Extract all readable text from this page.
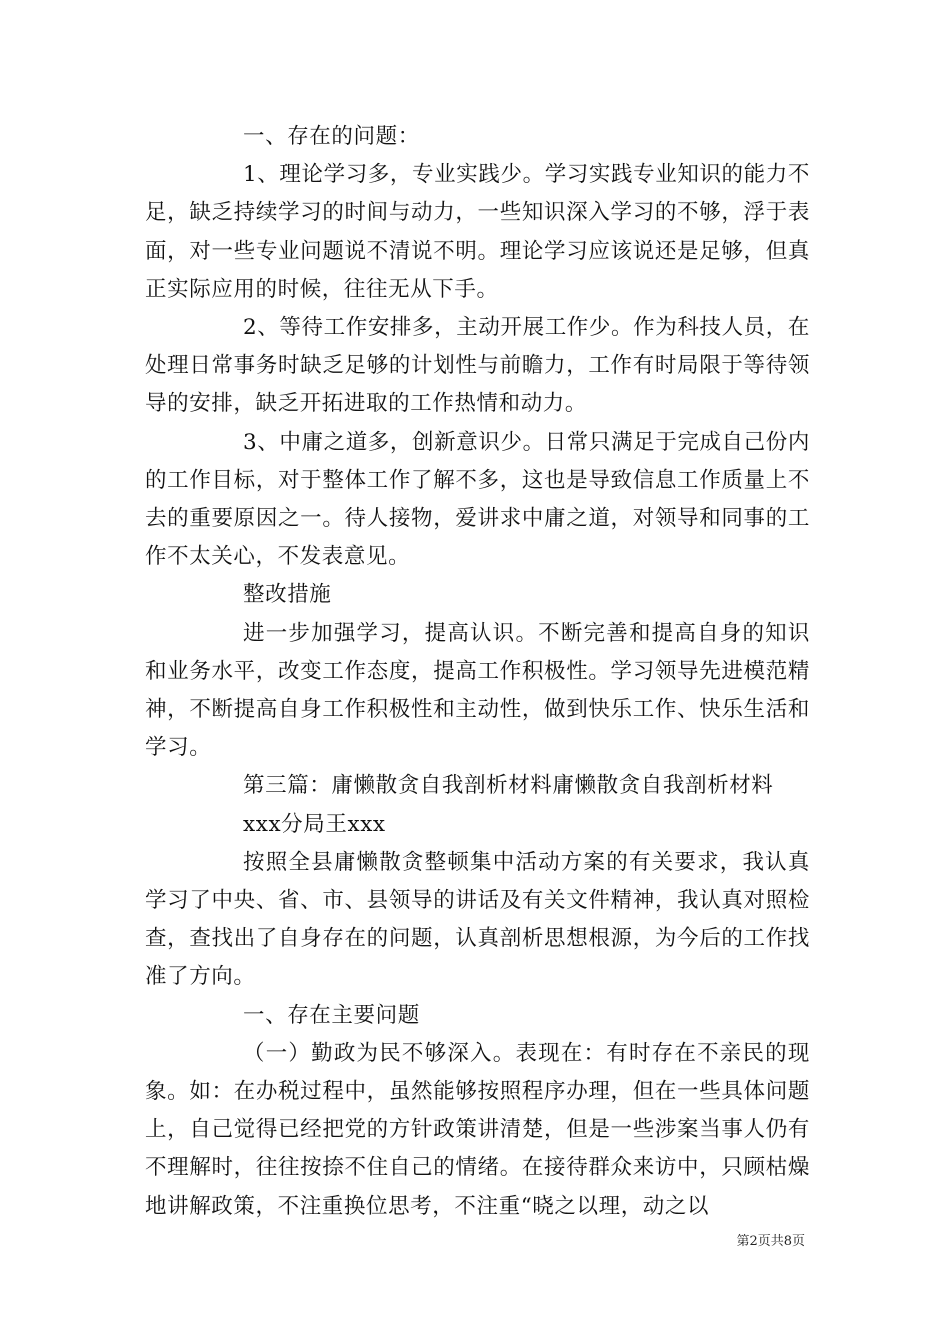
一、存在的问题：

1、理论学习多，专业实践少。学习实践专业知识的能力不足，缺乏持续学习的时间与动力，一些知识深入学习的不够，浮于表面，对一些专业问题说不清说不明。理论学习应该说还是足够，但真正实际应用的时候，往往无从下手。

2、等待工作安排多，主动开展工作少。作为科技人员，在处理日常事务时缺乏足够的计划性与前瞻力，工作有时局限于等待领导的安排，缺乏开拓进取的工作热情和动力。

3、中庸之道多，创新意识少。日常只满足于完成自己份内的工作目标，对于整体工作了解不多，这也是导致信息工作质量上不去的重要原因之一。待人接物，爱讲求中庸之道，对领导和同事的工作不太关心，不发表意见。

整改措施

进一步加强学习，提高认识。不断完善和提高自身的知识和业务水平，改变工作态度，提高工作积极性。学习领导先进模范精神，不断提高自身工作积极性和主动性，做到快乐工作、快乐生活和学习。

第三篇：庸懒散贪自我剖析材料庸懒散贪自我剖析材料

xxx分局王xxx

按照全县庸懒散贪整顿集中活动方案的有关要求，我认真学习了中央、省、市、县领导的讲话及有关文件精神，我认真对照检查，查找出了自身存在的问题，认真剖析思想根源，为今后的工作找准了方向。

一、存在主要问题

（一）勤政为民不够深入。表现在：有时存在不亲民的现象。如：在办税过程中，虽然能够按照程序办理，但在一些具体问题上，自己觉得已经把党的方针政策讲清楚，但是一些涉案当事人仍有不理解时，往往按捺不住自己的情绪。在接待群众来访中，只顾枯燥地讲解政策，不注重换位思考，不注重“晓之以理，动之以

第2页共8页
